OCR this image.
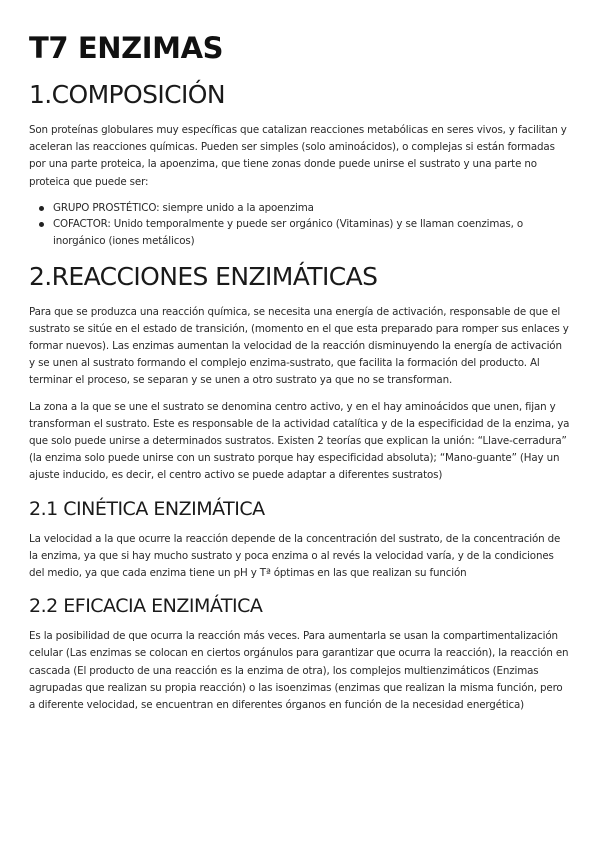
T7 ENZIMAS
1.COMPOSICIÓN

Son proteínas globulares muy específicas que catalizan reacciones metabólicas en seres vivos, y facilitan y aceleran las reacciones químicas. Pueden ser simples (solo aminoácidos), o complejas si están formadas por una parte proteica, la apoenzima, que tiene zonas donde puede unirse el sustrato y una parte no proteica que puede ser:

GRUPO PROSTÉTICO: siempre unido a la apoenzima
COFACTOR: Unido temporalmente y puede ser orgánico (Vitaminas) y se llaman coenzimas, o inorgánico (iones metálicos)
2.REACCIONES ENZIMÁTICAS

Para que se produzca una reacción química, se necesita una energía de activación, responsable de que el sustrato se sitúe en el estado de transición, (momento en el que esta preparado para romper sus enlaces y formar nuevos). Las enzimas aumentan la velocidad de la reacción disminuyendo la energía de activación y se unen al sustrato formando el complejo enzima-sustrato, que facilita la formación del producto. Al terminar el proceso, se separan y se unen a otro sustrato ya que no se transforman.

La zona a la que se une el sustrato se denomina centro activo, y en el hay aminoácidos que unen, fijan y transforman el sustrato. Este es responsable de la actividad catalítica y de la especificidad de la enzima, ya que solo puede unirse a determinados sustratos. Existen 2 teorías que explican la unión: “Llave-cerradura” (la enzima solo puede unirse con un sustrato porque hay especificidad absoluta); “Mano-guante” (Hay un ajuste inducido, es decir, el centro activo se puede adaptar a diferentes sustratos)

2.1 CINÉTICA ENZIMÁTICA

La velocidad a la que ocurre la reacción depende de la concentración del sustrato, de la concentración de la enzima, ya que si hay mucho sustrato y poca enzima o al revés la velocidad varía, y de la condiciones del medio, ya que cada enzima tiene un pH y Tª óptimas en las que realizan su función

2.2 EFICACIA ENZIMÁTICA

Es la posibilidad de que ocurra la reacción más veces. Para aumentarla se usan la compartimentalización celular (Las enzimas se colocan en ciertos orgánulos para garantizar que ocurra la reacción), la reacción en cascada (El producto de una reacción es la enzima de otra), los complejos multienzimáticos (Enzimas agrupadas que realizan su propia reacción) o las isoenzimas (enzimas que realizan la misma función, pero a diferente velocidad, se encuentran en diferentes órganos en función de la necesidad energética)
